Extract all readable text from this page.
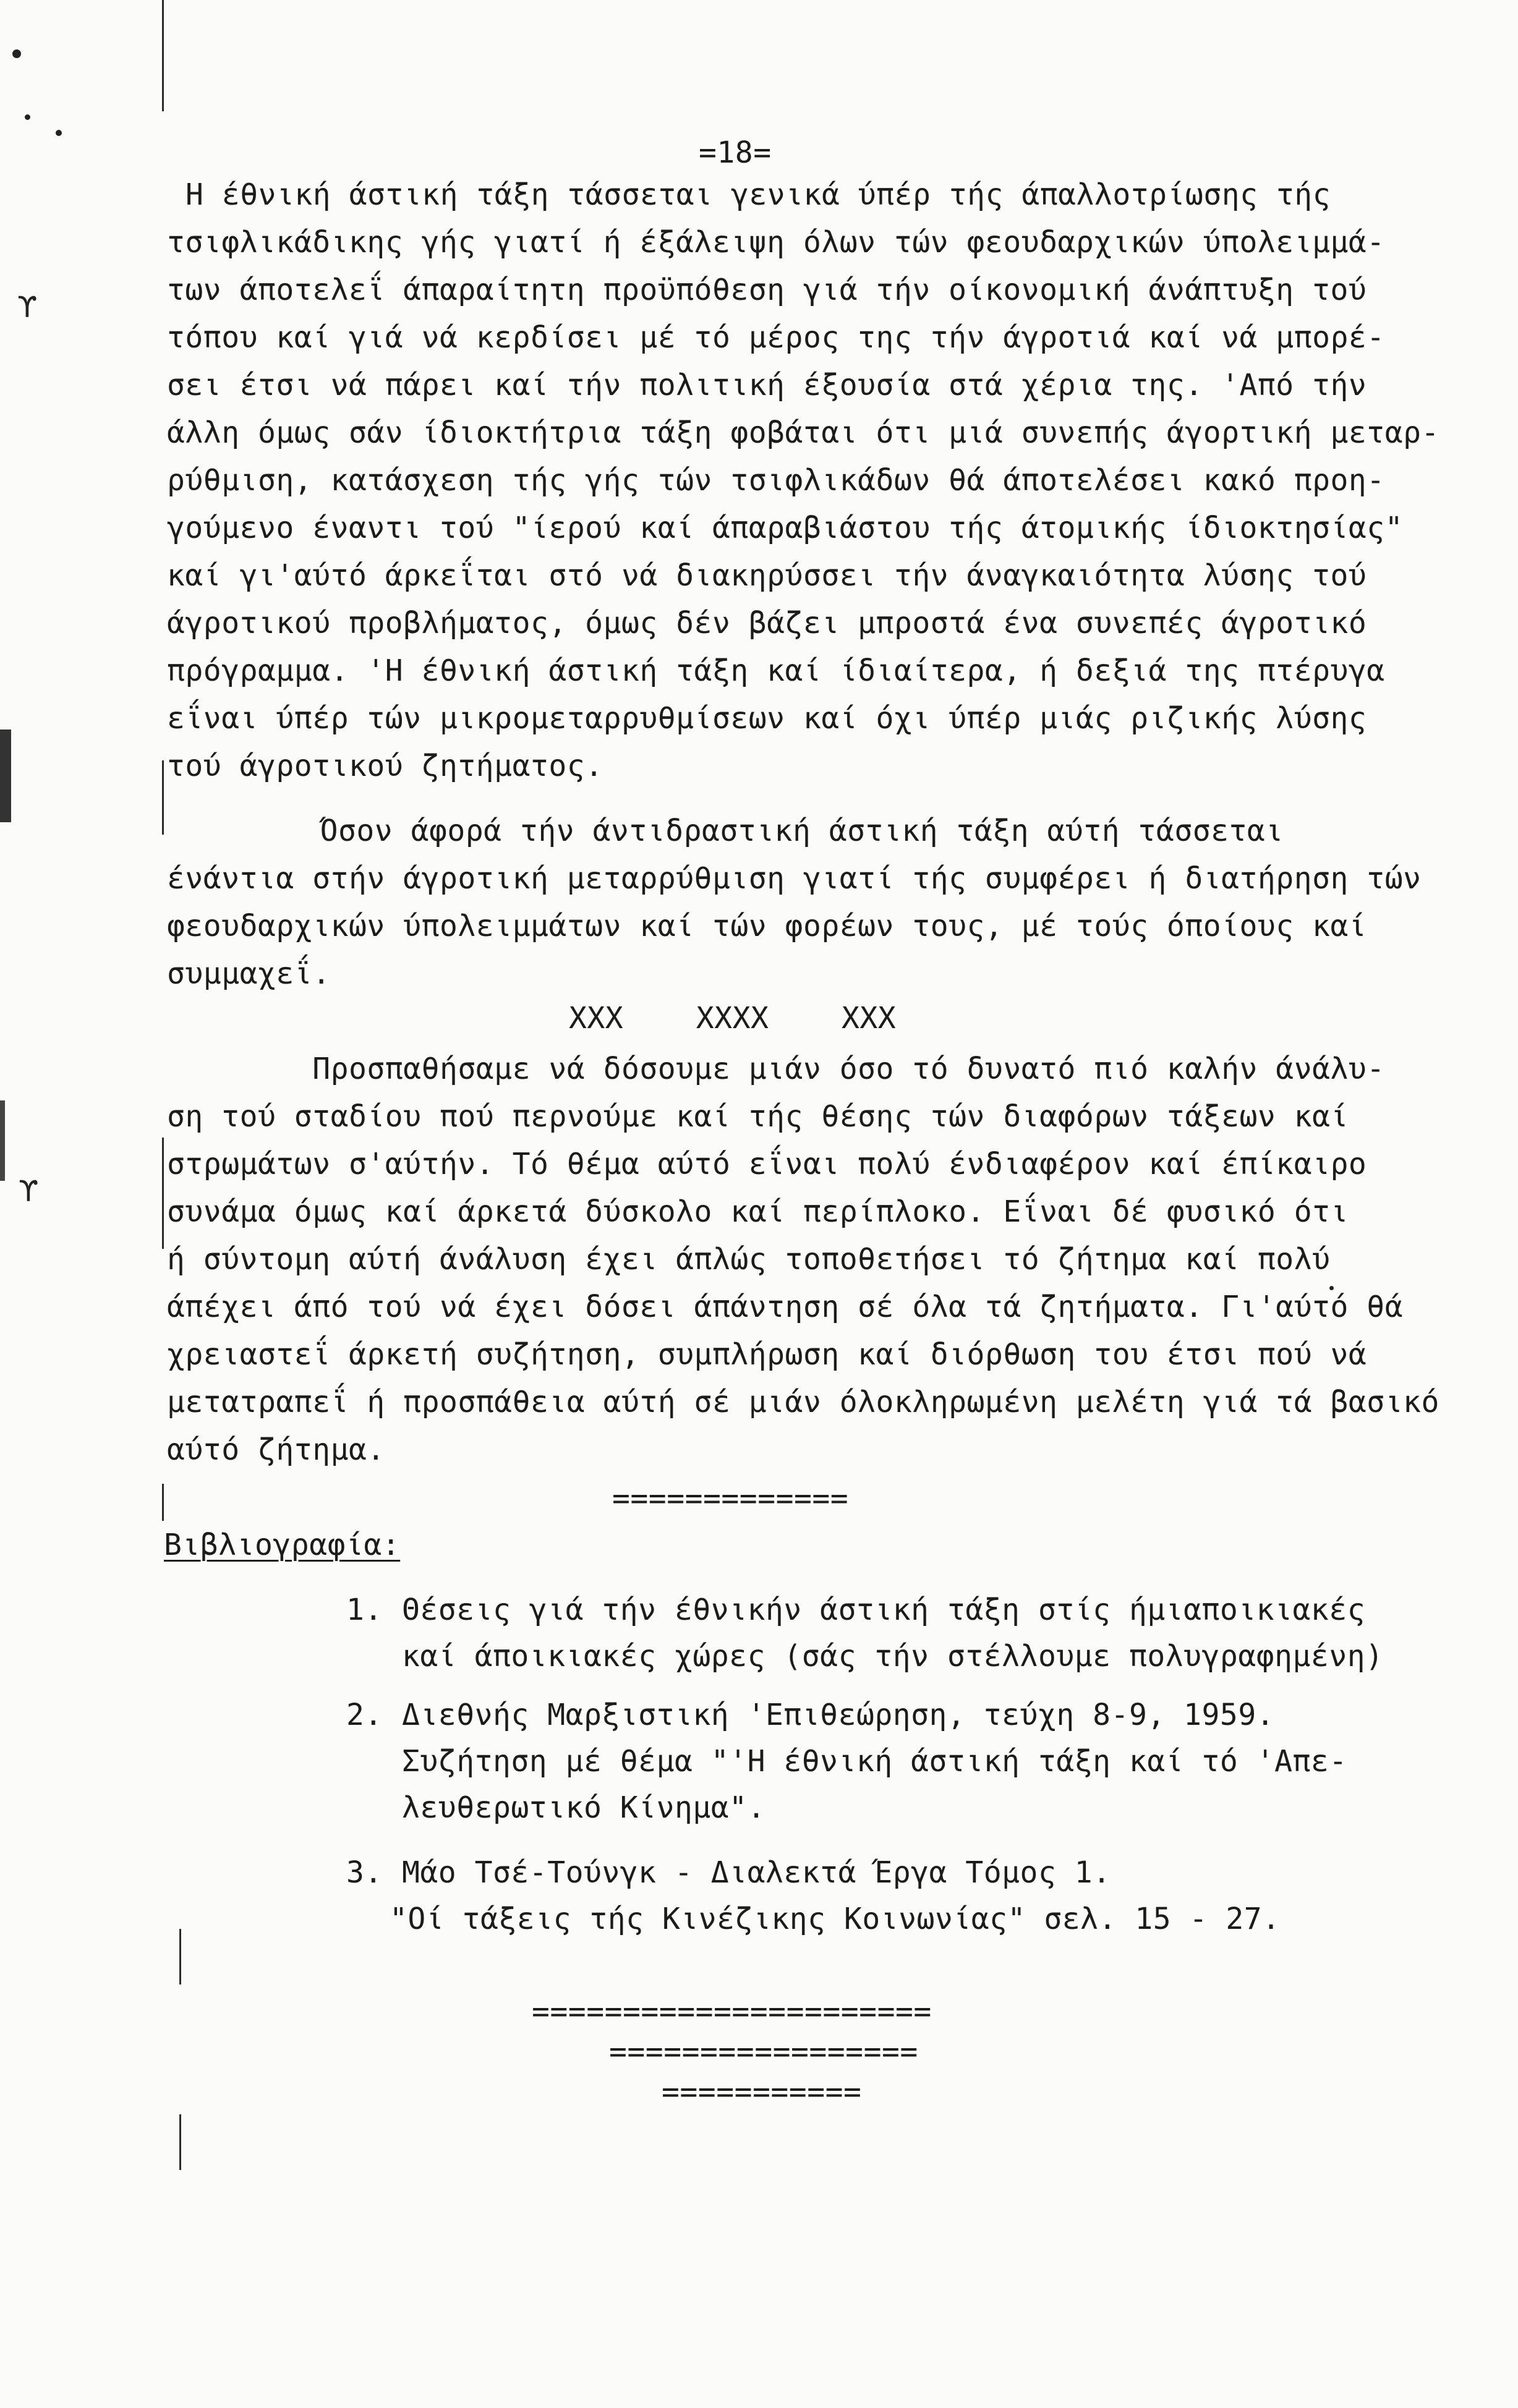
ϒ
ϒ
=18=
Η έθνική άστική τάξη τάσσεται γενικά ύπέρ τής άπαλλοτρίωσης τής
τσιφλικάδικης γής γιατί ή έξάλειψη όλων τών φεουδαρχικών ύπολειμμά-
των άποτελεΐ άπαραίτητη προϋπόθεση γιά τήν οίκονομική άνάπτυξη τού
τόπου καί γιά νά κερδίσει μέ τό μέρος της τήν άγροτιά καί νά μπορέ-
σει έτσι νά πάρει καί τήν πολιτική έξουσία στά χέρια της. 'Από τήν
άλλη όμως σάν ίδιοκτήτρια τάξη φοβάται ότι μιά συνεπής άγορτική μεταρ-
ρύθμιση, κατάσχεση τής γής τών τσιφλικάδων θά άποτελέσει κακό προη-
γούμενο έναντι τού "ίερού καί άπαραβιάστου τής άτομικής ίδιοκτησίας"
καί γι'αύτό άρκεΐται στό νά διακηρύσσει τήν άναγκαιότητα λύσης τού
άγροτικού προβλήματος, όμως δέν βάζει μπροστά ένα συνεπές άγροτικό
πρόγραμμα. 'Η έθνική άστική τάξη καί ίδιαίτερα, ή δεξιά της πτέρυγα
εΐναι ύπέρ τών μικρομεταρρυθμίσεων καί όχι ύπέρ μιάς ριζικής λύσης
τού άγροτικού ζητήματος.
Όσον άφορά τήν άντιδραστική άστική τάξη αύτή τάσσεται
ένάντια στήν άγροτική μεταρρύθμιση γιατί τής συμφέρει ή διατήρηση τών
φεουδαρχικών ύπολειμμάτων καί τών φορέων τους, μέ τούς όποίους καί
συμμαχεΐ.
XXX    XXXX    XXX
Προσπαθήσαμε νά δόσουμε μιάν όσο τό δυνατό πιό καλήν άνάλυ-
ση τού σταδίου πού περνούμε καί τής θέσης τών διαφόρων τάξεων καί
στρωμάτων σ'αύτήν. Τό θέμα αύτό εΐναι πολύ ένδιαφέρον καί έπίκαιρο
συνάμα όμως καί άρκετά δύσκολο καί περίπλοκο. Εΐναι δέ φυσικό ότι
ή σύντομη αύτή άνάλυση έχει άπλώς τοποθετήσει τό ζήτημα καί πολύ
άπέχει άπό τού νά έχει δόσει άπάντηση σέ όλα τά ζητήματα. Γι'αύτό θά
χρειαστεΐ άρκετή συζήτηση, συμπλήρωση καί διόρθωση του έτσι πού νά
μετατραπεΐ ή προσπάθεια αύτή σέ μιάν όλοκληρωμένη μελέτη γιά τά βασικό
αύτό ζήτημα.
=============
Βιβλιογραφία:
1. Θέσεις γιά τήν έθνικήν άστική τάξη στίς ήμιαποικιακές
καί άποικιακές χώρες (σάς τήν στέλλουμε πολυγραφημένη)
2. Διεθνής Μαρξιστική 'Επιθεώρηση, τεύχη 8-9, 1959.
Συζήτηση μέ θέμα "'Η έθνική άστική τάξη καί τό 'Απε-
λευθερωτικό Κίνημα".
3. Μάο Τσέ-Τούνγκ - Διαλεκτά Έργα Τόμος 1.
"Οί τάξεις τής Κινέζικης Κοινωνίας" σελ. 15 - 27.
======================
=================
===========
